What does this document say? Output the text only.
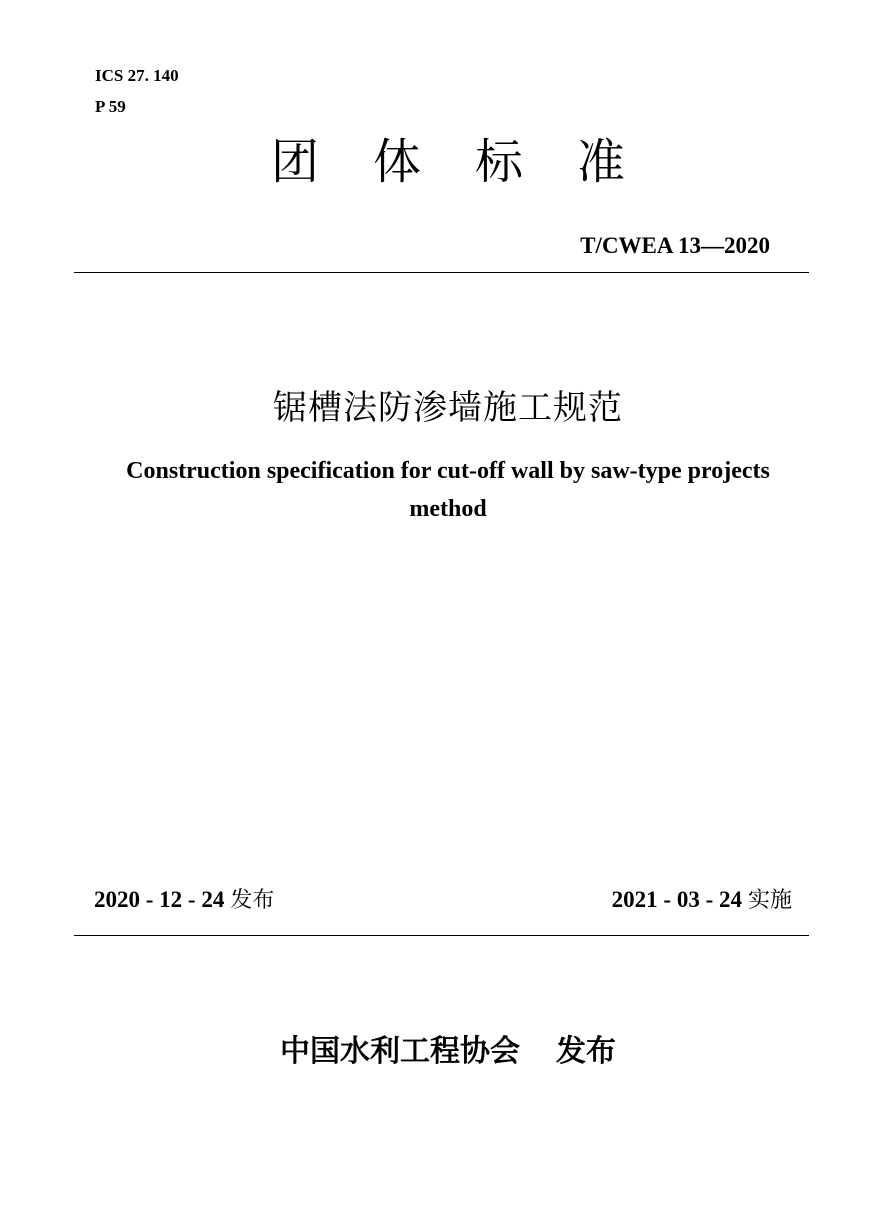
ICS 27. 140
P 59
团体标准
T/CWEA 13—2020
锯槽法防渗墙施工规范
Construction specification for cut-off wall by saw-type projects method
2020 - 12 - 24 发布	2021 - 03 - 24 实施
中国水利工程协会 发布
